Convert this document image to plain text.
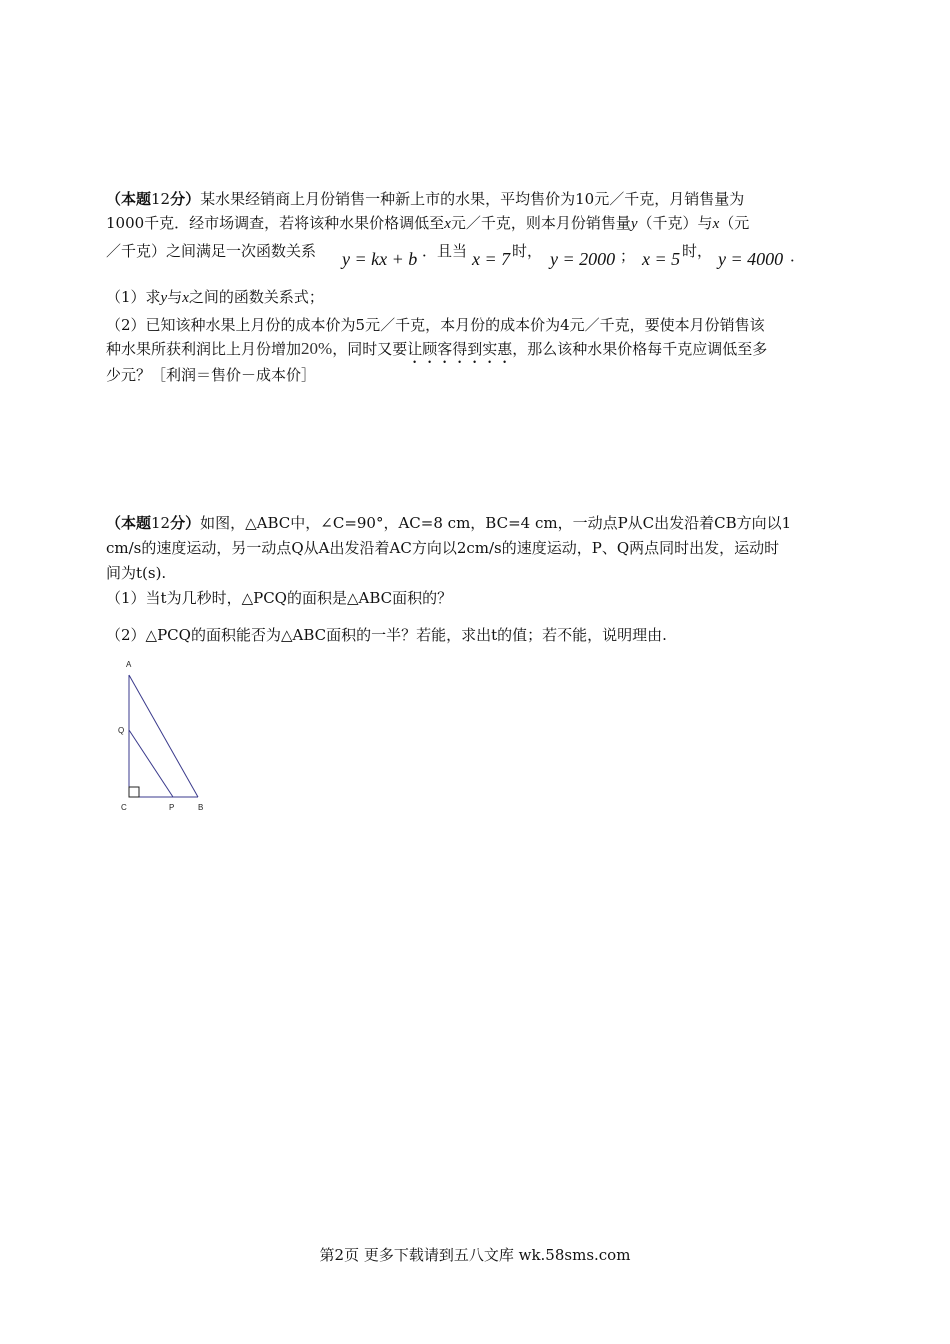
（本题12分）某水果经销商上月份销售一种新上市的水果，平均售价为10元／千克，月销售量为
1000千克．经市场调查，若将该种水果价格调低至x元／千克，则本月份销售量y（千克）与x（元
／千克）之间满足一次函数关系 y = kx + b ．且当 x = 7 时， y = 2000 ； x = 5 时， y = 4000 ．
（1）求y与x之间的函数关系式；
（2）已知该种水果上月份的成本价为5元／千克，本月份的成本价为4元／千克，要使本月份销售该
种水果所获利润比上月份增加20%，同时又要让顾客得到实惠，那么该种水果价格每千克应调低至多
少元？［利润＝售价－成本价］
（本题12分）如图，△ABC中，∠C=90°，AC=8 cm，BC=4 cm，一动点P从C出发沿着CB方向以1
cm/s的速度运动，另一动点Q从A出发沿着AC方向以2cm/s的速度运动，P、Q两点同时出发，运动时
间为t(s).
（1）当t为几秒时，△PCQ的面积是△ABC面积的？
（2）△PCQ的面积能否为△ABC面积的一半？若能，求出t的值；若不能，说明理由.
A
Q
C	P	B
第2页 更多下载请到五八文库 wk.58sms.com
